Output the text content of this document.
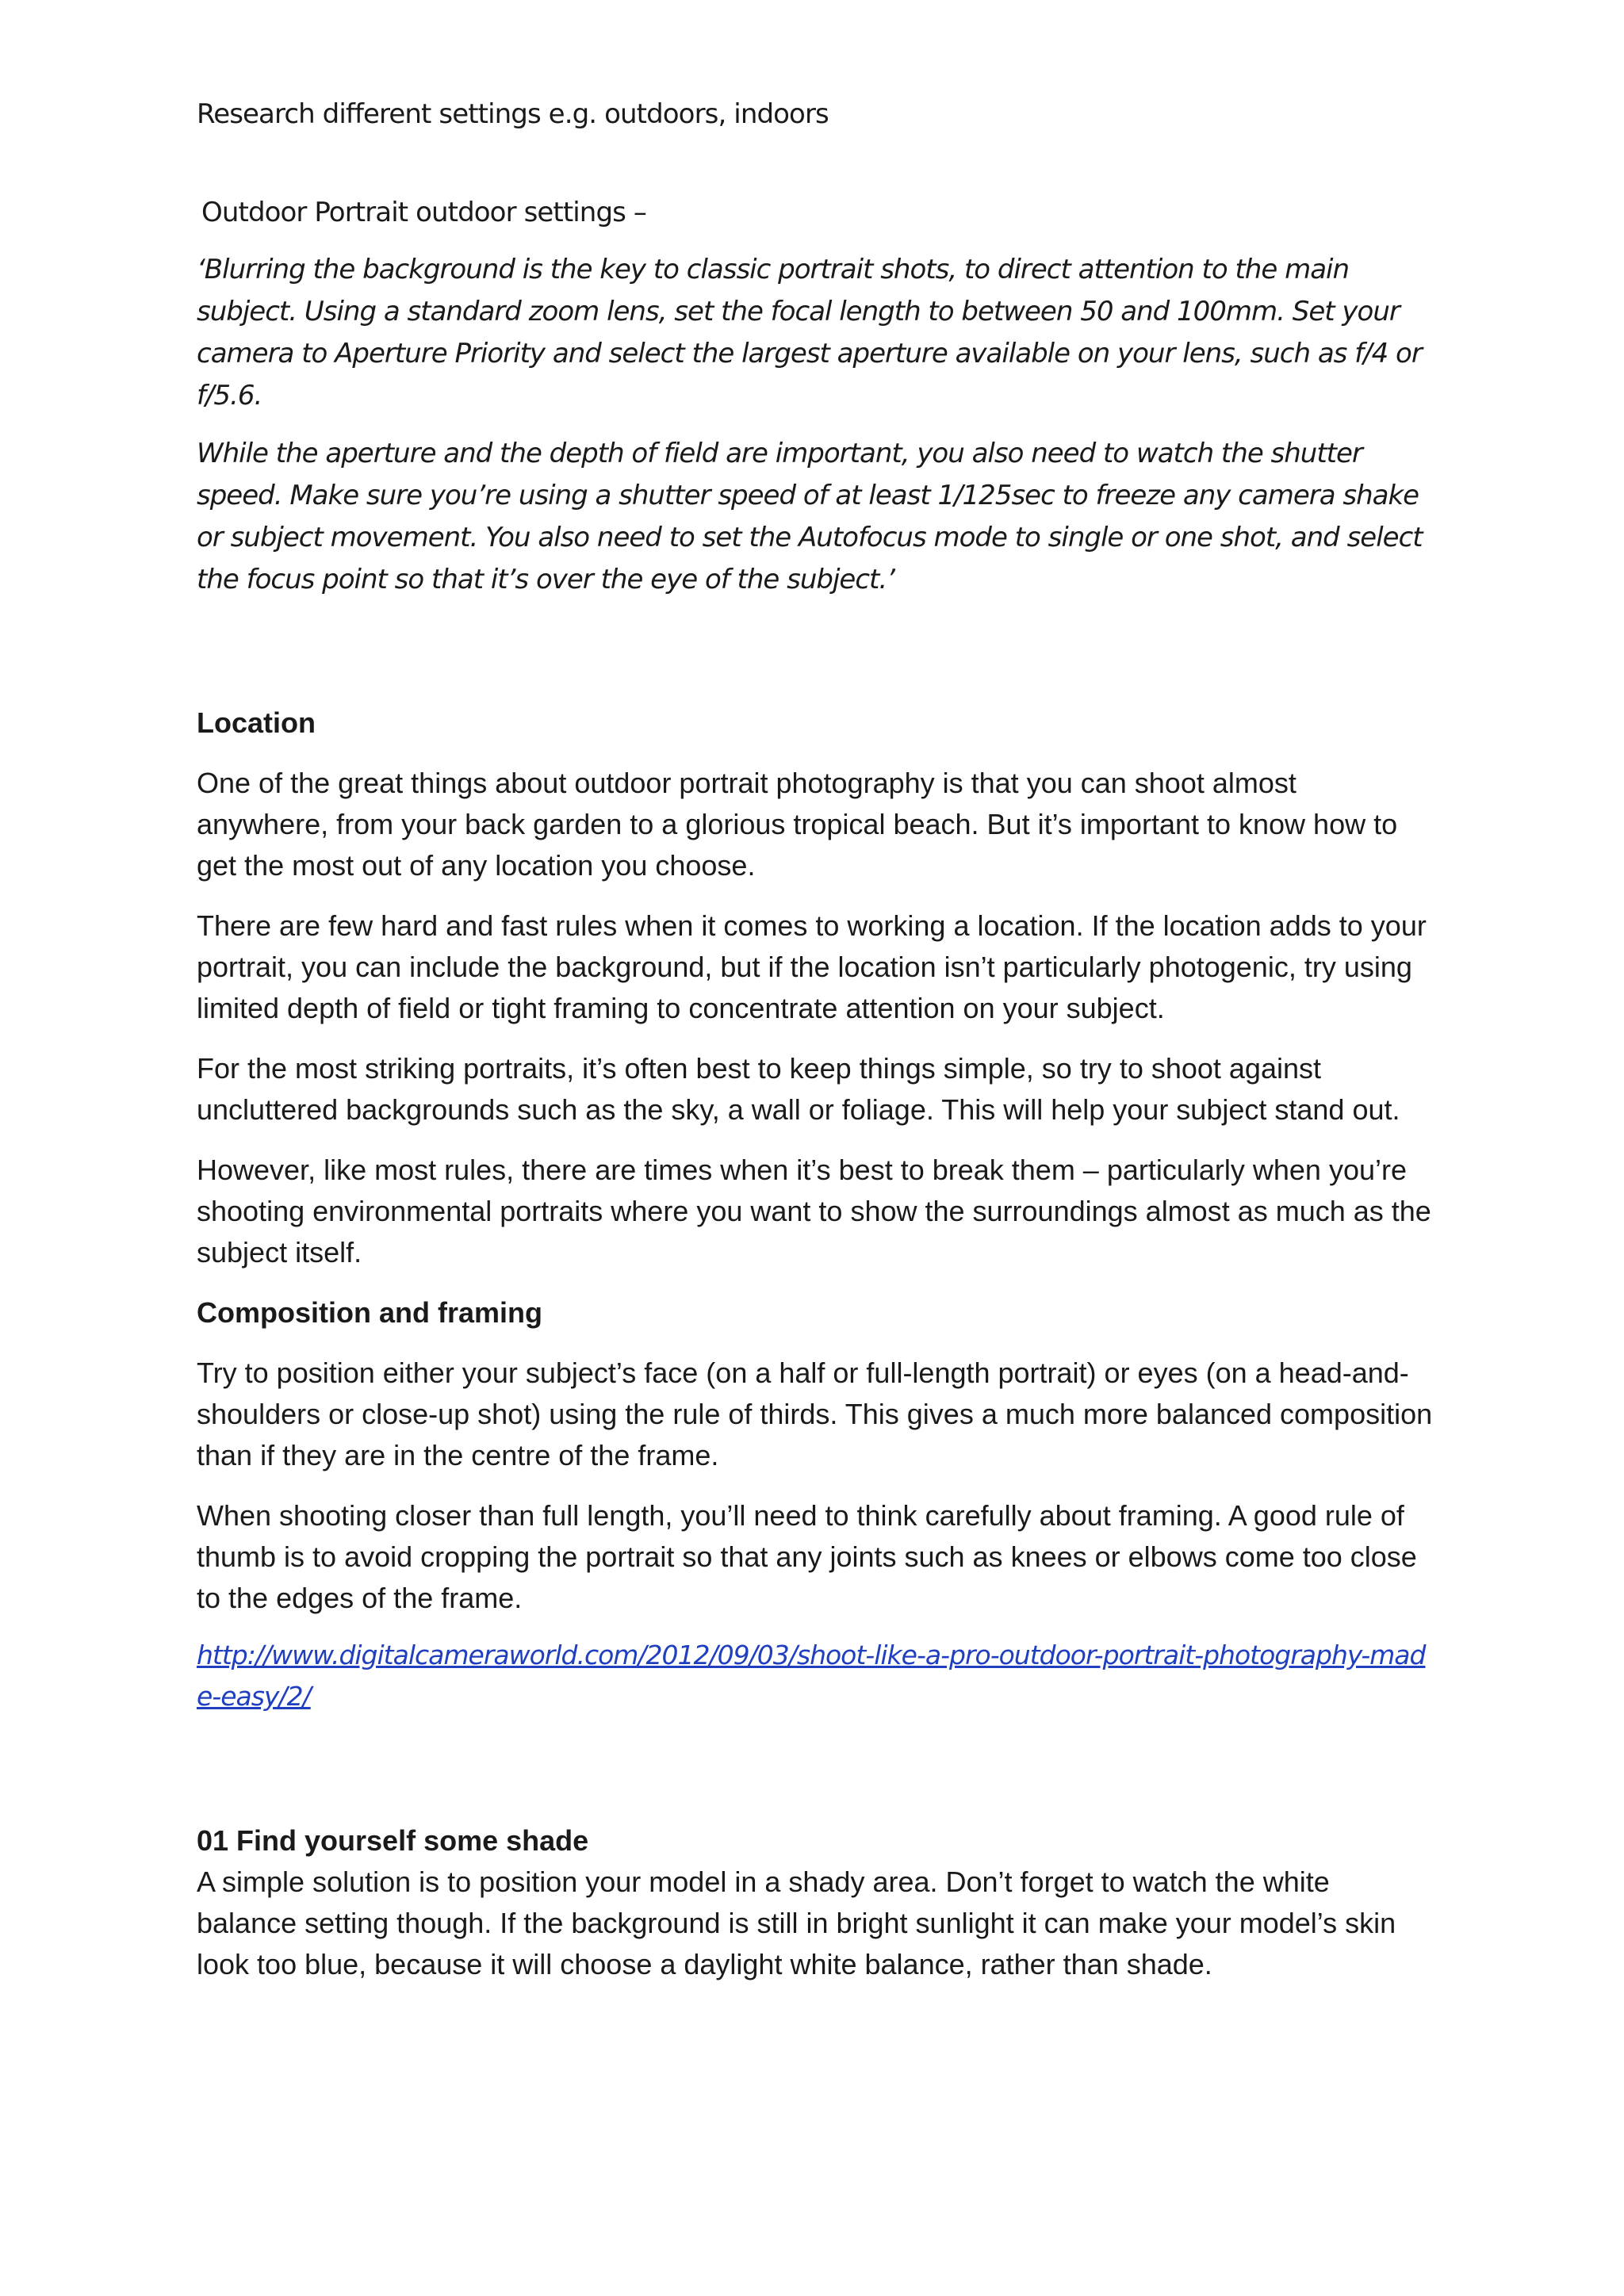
Research different settings e.g. outdoors, indoors

Outdoor Portrait outdoor settings –

‘Blurring the background is the key to classic portrait shots, to direct attention to the main subject. Using a standard zoom lens, set the focal length to between 50 and 100mm. Set your camera to Aperture Priority and select the largest aperture available on your lens, such as f/4 or f/5.6.

While the aperture and the depth of field are important, you also need to watch the shutter speed. Make sure you’re using a shutter speed of at least 1/125sec to freeze any camera shake or subject movement. You also need to set the Autofocus mode to single or one shot, and select the focus point so that it’s over the eye of the subject.’

Location

One of the great things about outdoor portrait photography is that you can shoot almost anywhere, from your back garden to a glorious tropical beach. But it’s important to know how to get the most out of any location you choose.

There are few hard and fast rules when it comes to working a location. If the location adds to your portrait, you can include the background, but if the location isn’t particularly photogenic, try using limited depth of field or tight framing to concentrate attention on your subject.

For the most striking portraits, it’s often best to keep things simple, so try to shoot against uncluttered backgrounds such as the sky, a wall or foliage. This will help your subject stand out.

However, like most rules, there are times when it’s best to break them – particularly when you’re shooting environmental portraits where you want to show the surroundings almost as much as the subject itself.

Composition and framing

Try to position either your subject’s face (on a half or full-length portrait) or eyes (on a head-and-shoulders or close-up shot) using the rule of thirds. This gives a much more balanced composition than if they are in the centre of the frame.

When shooting closer than full length, you’ll need to think carefully about framing. A good rule of thumb is to avoid cropping the portrait so that any joints such as knees or elbows come too close to the edges of the frame.

http://www.digitalcameraworld.com/2012/09/03/shoot-like-a-pro-outdoor-portrait-photography-made-easy/2/

01 Find yourself some shade

A simple solution is to position your model in a shady area. Don’t forget to watch the white balance setting though. If the background is still in bright sunlight it can make your model’s skin look too blue, because it will choose a daylight white balance, rather than shade.
